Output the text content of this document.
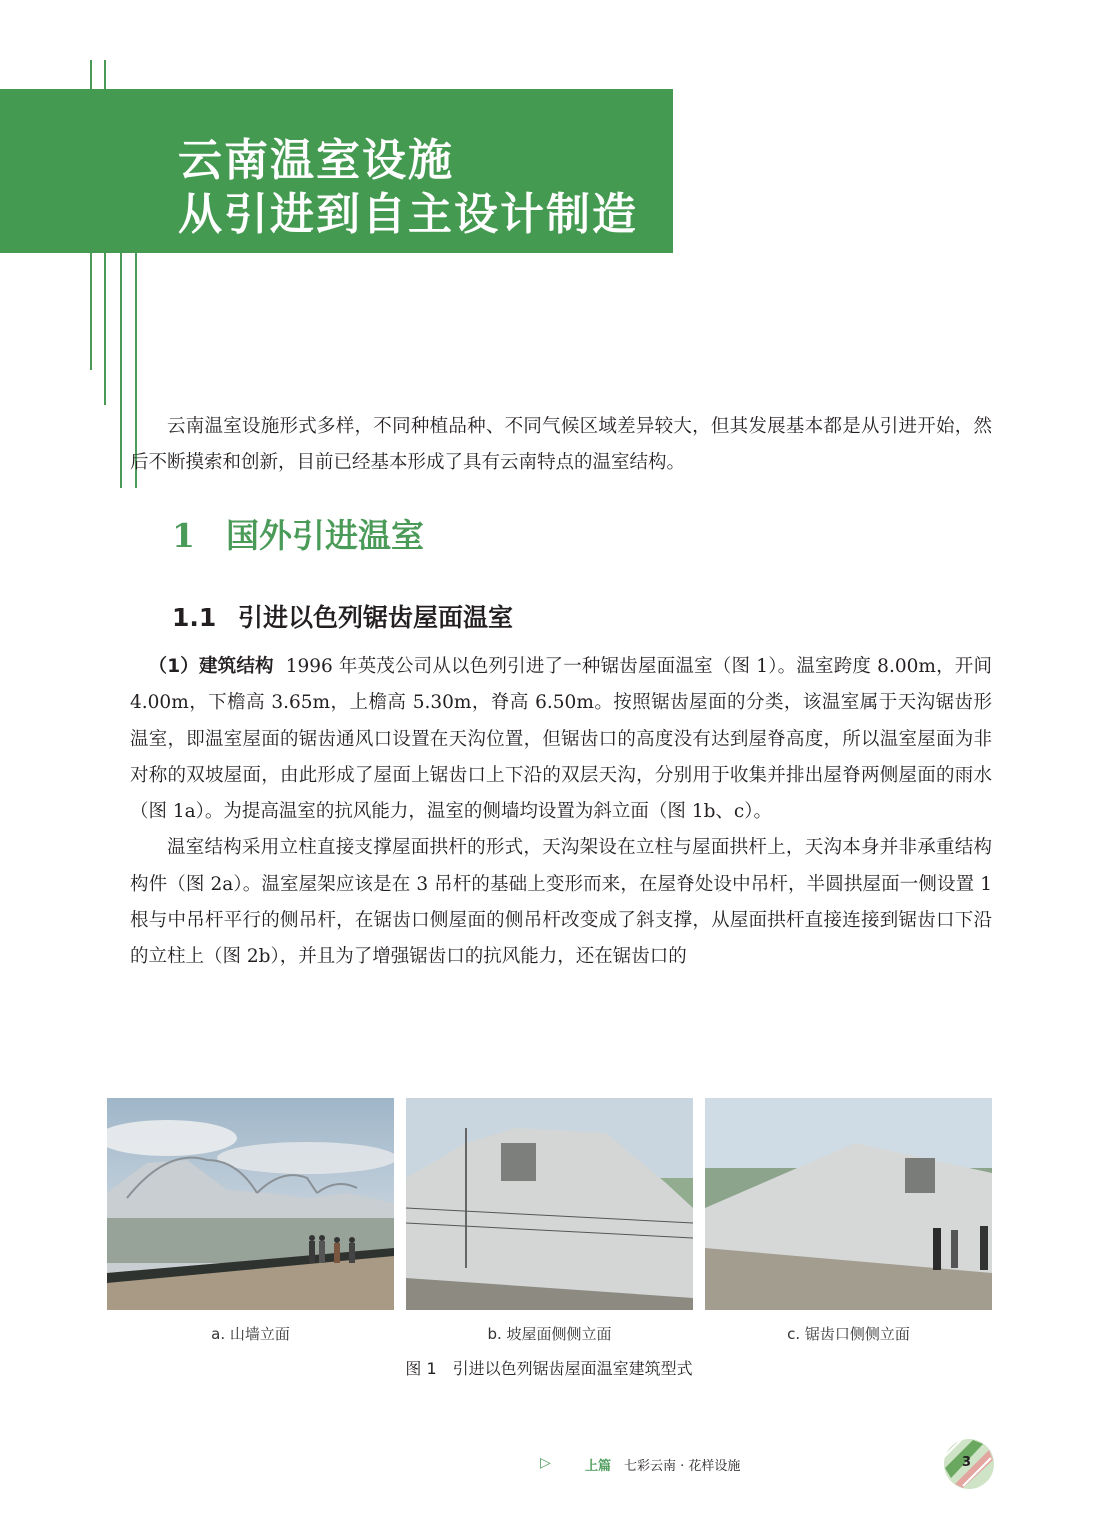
云南温室设施
从引进到自主设计制造

云南温室设施形式多样，不同种植品种、不同气候区域差异较大，但其发展基本都是从引进开始，然后不断摸索和创新，目前已经基本形成了具有云南特点的温室结构。

1 国外引进温室
1.1 引进以色列锯齿屋面温室

（1）建筑结构 1996 年英茂公司从以色列引进了一种锯齿屋面温室（图 1）。温室跨度 8.00m，开间 4.00m，下檐高 3.65m，上檐高 5.30m，脊高 6.50m。按照锯齿屋面的分类，该温室属于天沟锯齿形温室，即温室屋面的锯齿通风口设置在天沟位置，但锯齿口的高度没有达到屋脊高度，所以温室屋面为非对称的双坡屋面，由此形成了屋面上锯齿口上下沿的双层天沟，分别用于收集并排出屋脊两侧屋面的雨水（图 1a）。为提高温室的抗风能力，温室的侧墙均设置为斜立面（图 1b、c）。

温室结构采用立柱直接支撑屋面拱杆的形式，天沟架设在立柱与屋面拱杆上，天沟本身并非承重结构构件（图 2a）。温室屋架应该是在 3 吊杆的基础上变形而来，在屋脊处设中吊杆，半圆拱屋面一侧设置 1 根与中吊杆平行的侧吊杆，在锯齿口侧屋面的侧吊杆改变成了斜支撑，从屋面拱杆直接连接到锯齿口下沿的立柱上（图 2b），并且为了增强锯齿口的抗风能力，还在锯齿口的

a. 山墙立面	b. 坡屋面侧侧立面	c. 锯齿口侧侧立面
图 1　引进以色列锯齿屋面温室建筑型式
▷	上篇 七彩云南 · 花样设施	3
